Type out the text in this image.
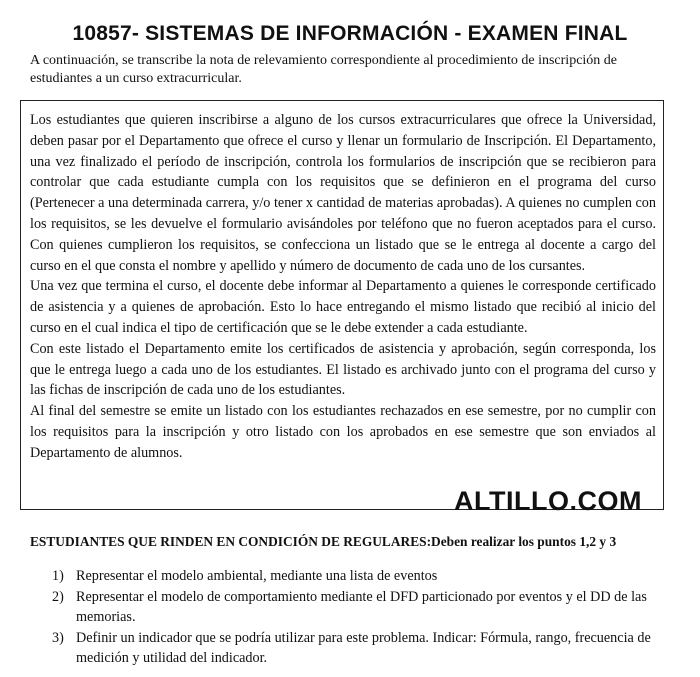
10857- SISTEMAS DE INFORMACIÓN - EXAMEN FINAL
A continuación, se transcribe la nota de relevamiento correspondiente al procedimiento de inscripción de estudiantes a un curso extracurricular.

Los estudiantes que quieren inscribirse a alguno de los cursos extracurriculares que ofrece la Universidad, deben pasar por el Departamento que ofrece el curso y llenar un formulario de Inscripción. El Departamento, una vez finalizado el período de inscripción, controla los formularios de inscripción que se recibieron para controlar que cada estudiante cumpla con los requisitos que se definieron en el programa del curso (Pertenecer a una determinada carrera, y/o tener x cantidad de materias aprobadas). A quienes no cumplen con los requisitos, se les devuelve el formulario avisándoles por teléfono que no fueron aceptados para el curso. Con quienes cumplieron los requisitos, se confecciona un listado que se le entrega al docente a cargo del curso en el que consta el nombre y apellido y número de documento de cada uno de los cursantes.

Una vez que termina el curso, el docente debe informar al Departamento a quienes le corresponde certificado de asistencia y a quienes de aprobación. Esto lo hace entregando el mismo listado que recibió al inicio del curso en el cual indica el tipo de certificación que se le debe extender a cada estudiante.

Con este listado el Departamento emite los certificados de asistencia y aprobación, según corresponda, los que le entrega luego a cada uno de los estudiantes. El listado es archivado junto con el programa del curso y las fichas de inscripción de cada uno de los estudiantes.

Al final del semestre se emite un listado con los estudiantes rechazados en ese semestre, por no cumplir con los requisitos para la inscripción y otro listado con los aprobados en ese semestre que son enviados al Departamento de alumnos.

ALTILLO.COM
ESTUDIANTES QUE RINDEN EN CONDICIÓN DE REGULARES:Deben realizar los puntos 1,2 y 3
1) Representar el modelo ambiental, mediante una lista de eventos
2) Representar el modelo de comportamiento mediante el DFD particionado por eventos y el DD de las memorias.
3) Definir un indicador que se podría utilizar para este problema. Indicar: Fórmula, rango, frecuencia de medición y utilidad del indicador.
